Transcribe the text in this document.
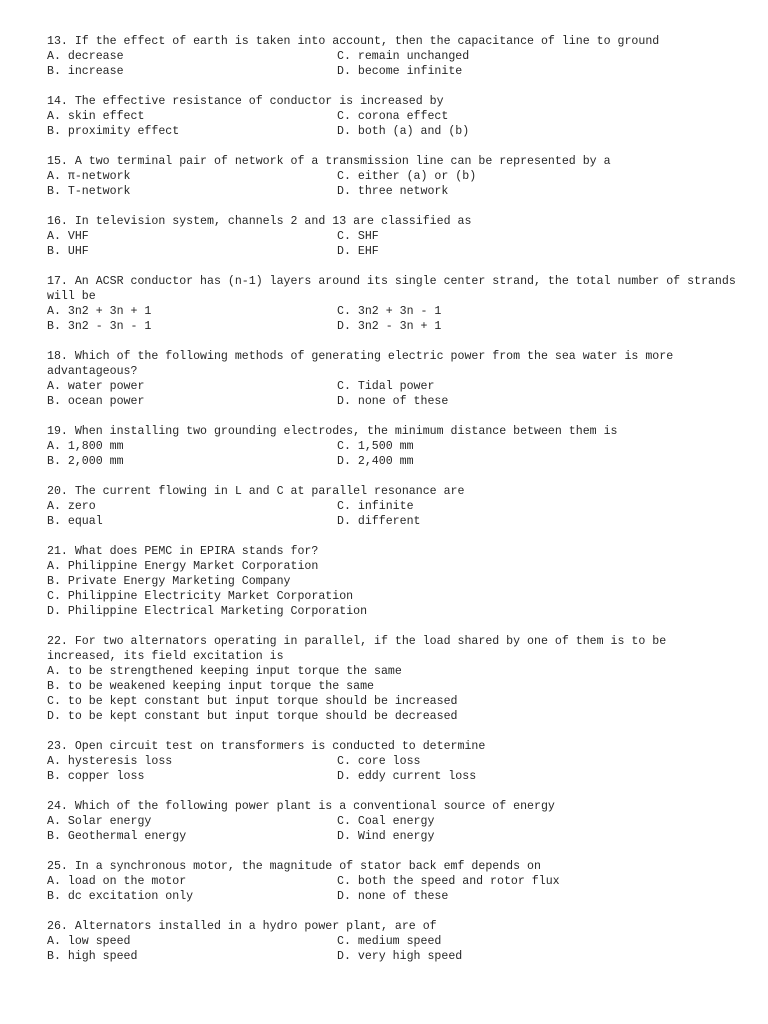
13. If the effect of earth is taken into account, then the capacitance of line to ground
A. decrease	C. remain unchanged
B. increase	D. become infinite
14. The effective resistance of conductor is increased by
A. skin effect	C. corona effect
B. proximity effect	D. both (a) and (b)
15. A two terminal pair of network of a transmission line can be represented by a
A. π-network	C. either (a) or (b)
B. T-network	D. three network
16. In television system, channels 2 and 13 are classified as
A. VHF	C. SHF
B. UHF	D. EHF
17. An ACSR conductor has (n-1) layers around its single center strand, the total number of strands will be
A. 3n2 + 3n + 1	C. 3n2 + 3n - 1
B. 3n2 - 3n - 1	D. 3n2 - 3n + 1
18. Which of the following methods of generating electric power from the sea water is more advantageous?
A. water power	C. Tidal power
B. ocean power	D. none of these
19. When installing two grounding electrodes, the minimum distance between them is
A. 1,800 mm	C. 1,500 mm
B. 2,000 mm	D. 2,400 mm
20. The current flowing in L and C at parallel resonance are
A. zero	C. infinite
B. equal	D. different
21. What does PEMC in EPIRA stands for?
A. Philippine Energy Market Corporation
B. Private Energy Marketing Company
C. Philippine Electricity Market Corporation
D. Philippine Electrical Marketing Corporation
22. For two alternators operating in parallel, if the load shared by one of them is to be increased, its field excitation is
A. to be strengthened keeping input torque the same
B. to be weakened keeping input torque the same
C. to be kept constant but input torque should be increased
D. to be kept constant but input torque should be decreased
23. Open circuit test on transformers is conducted to determine
A. hysteresis loss	C. core loss
B. copper loss	D. eddy current loss
24. Which of the following power plant is a conventional source of energy
A. Solar energy	C. Coal energy
B. Geothermal energy	D. Wind energy
25. In a synchronous motor, the magnitude of stator back emf depends on
A. load on the motor	C. both the speed and rotor flux
B. dc excitation only	D. none of these
26. Alternators installed in a hydro power plant, are of
A. low speed	C. medium speed
B. high speed	D. very high speed
